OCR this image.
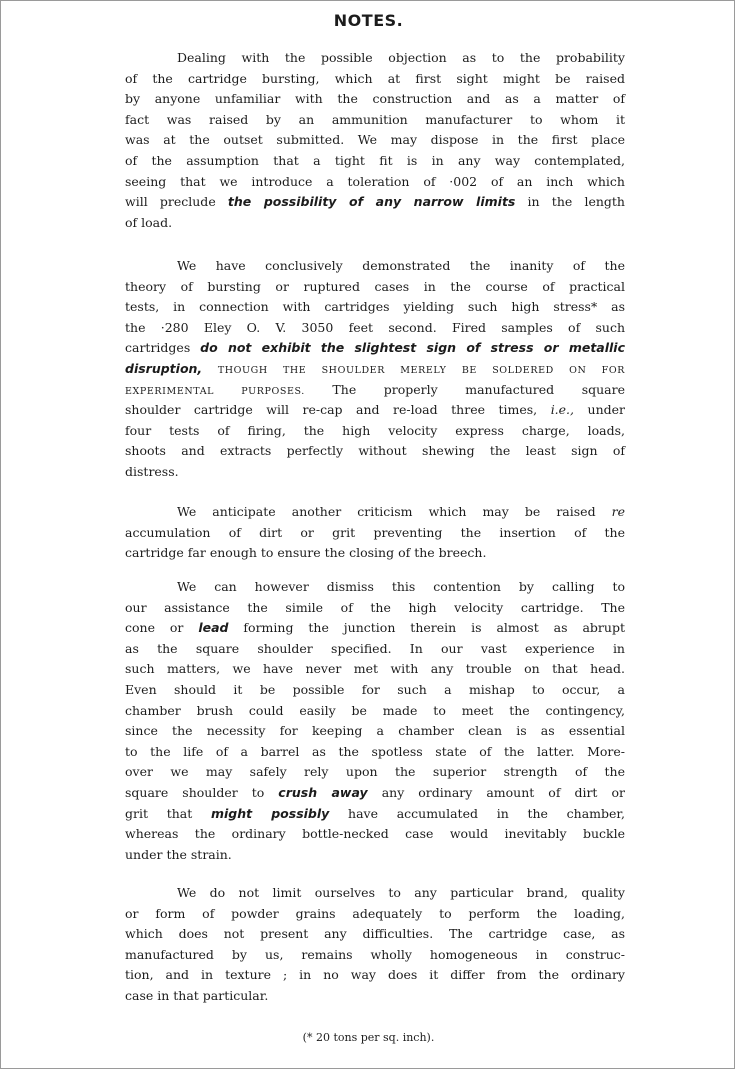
NOTES.
Dealing with the possible objection as to the probability
of the cartridge bursting, which at first sight might be raised
by anyone unfamiliar with the construction and as a matter of
fact was raised by an ammunition manufacturer to whom it
was at the outset submitted. We may dispose in the first place
of the assumption that a tight fit is in any way contemplated,
seeing that we introduce a toleration of ·002 of an inch which
will preclude the possibility of any narrow limits in the length
of load.
We have conclusively demonstrated the inanity of the
theory of bursting or ruptured cases in the course of practical
tests, in connection with cartridges yielding such high stress* as
the ·280 Eley O. V. 3050 feet second. Fired samples of such
cartridges do not exhibit the slightest sign of stress or metallic
disruption, THOUGH THE SHOULDER MERELY BE SOLDERED ON FOR
EXPERIMENTAL PURPOSES. The properly manufactured square
shoulder cartridge will re-cap and re-load three times, i.e., under
four tests of firing, the high velocity express charge, loads,
shoots and extracts perfectly without shewing the least sign of
distress.
We anticipate another criticism which may be raised re
accumulation of dirt or grit preventing the insertion of the
cartridge far enough to ensure the closing of the breech.
We can however dismiss this contention by calling to
our assistance the simile of the high velocity cartridge. The
cone or lead forming the junction therein is almost as abrupt
as the square shoulder specified. In our vast experience in
such matters, we have never met with any trouble on that head.
Even should it be possible for such a mishap to occur, a
chamber brush could easily be made to meet the contingency,
since the necessity for keeping a chamber clean is as essential
to the life of a barrel as the spotless state of the latter. More-
over we may safely rely upon the superior strength of the
square shoulder to crush away any ordinary amount of dirt or
grit that might possibly have accumulated in the chamber,
whereas the ordinary bottle-necked case would inevitably buckle
under the strain.
We do not limit ourselves to any particular brand, quality
or form of powder grains adequately to perform the loading,
which does not present any difficulties. The cartridge case, as
manufactured by us, remains wholly homogeneous in construc-
tion, and in texture ; in no way does it differ from the ordinary
case in that particular.
(* 20 tons per sq. inch).
